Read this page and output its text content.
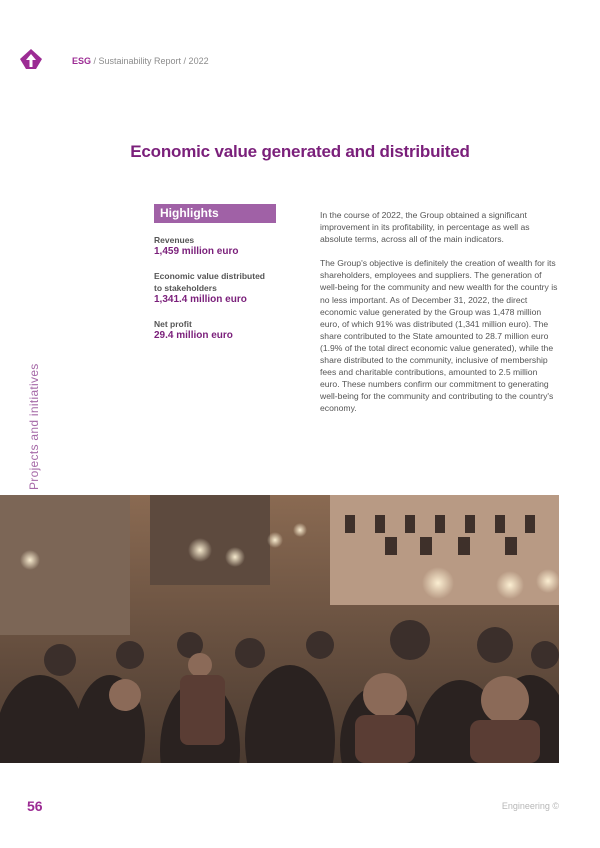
ESG / Sustainability Report / 2022
Economic value generated and distribuited
Projects and initiatives
Highlights
Revenues
1,459 million euro
Economic value distributed
to stakeholders
1,341.4 million euro
Net profit
29.4 million euro

In the course of 2022, the Group obtained a significant improvement in its profitability, in percentage as well as absolute terms, across all of the main indicators.

The Group's objective is definitely the creation of wealth for its shareholders, employees and suppliers. The generation of well-being for the community and new wealth for the country is no less important. As of December 31, 2022, the direct economic value generated by the Group was 1,478 million euro, of which 91% was distributed (1,341 million euro). The share contributed to the State amounted to 28.7 million euro (1.9% of the total direct economic value generated), while the share distributed to the community, inclusive of membership fees and charitable contributions, amounted to 2.5 million euro. These numbers confirm our commitment to generating well-being for the community and contributing to the country's economy.

56	Engineering ©
